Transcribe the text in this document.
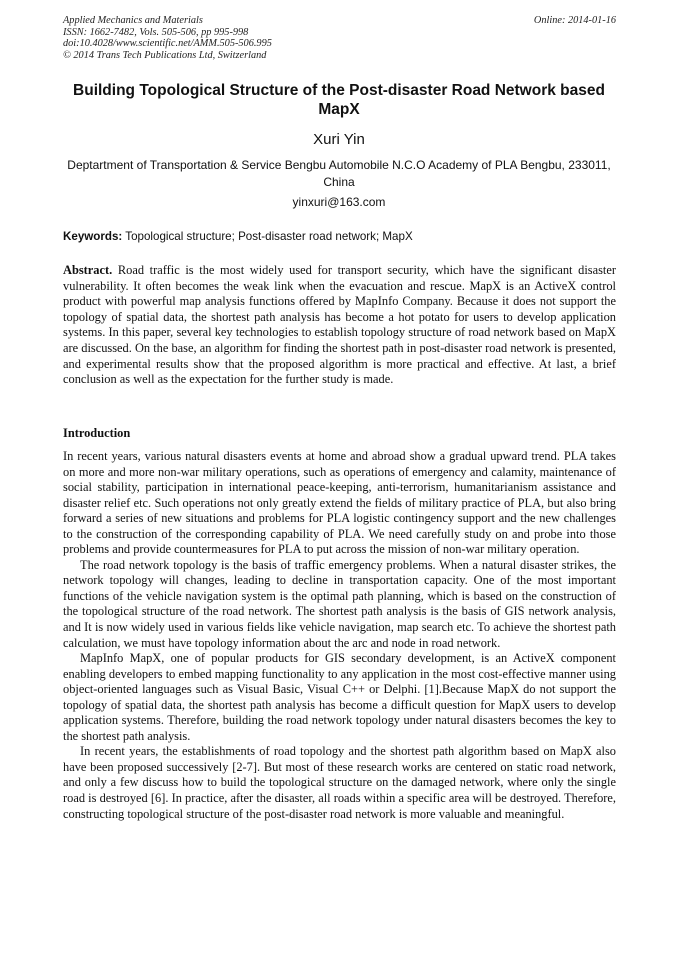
Applied Mechanics and Materials
ISSN: 1662-7482, Vols. 505-506, pp 995-998
doi:10.4028/www.scientific.net/AMM.505-506.995
© 2014 Trans Tech Publications Ltd, Switzerland
Online: 2014-01-16
Building Topological Structure of the Post-disaster Road Network based MapX
Xuri Yin
Deptartment of Transportation & Service Bengbu Automobile N.C.O Academy of PLA Bengbu, 233011, China
yinxuri@163.com
Keywords: Topological structure; Post-disaster road network; MapX
Abstract. Road traffic is the most widely used for transport security, which have the significant disaster vulnerability. It often becomes the weak link when the evacuation and rescue. MapX is an ActiveX control product with powerful map analysis functions offered by MapInfo Company. Because it does not support the topology of spatial data, the shortest path analysis has become a hot potato for users to develop application systems. In this paper, several key technologies to establish topology structure of road network based on MapX are discussed. On the base, an algorithm for finding the shortest path in post-disaster road network is presented, and experimental results show that the proposed algorithm is more practical and effective. At last, a brief conclusion as well as the expectation for the further study is made.
Introduction

In recent years, various natural disasters events at home and abroad show a gradual upward trend. PLA takes on more and more non-war military operations, such as operations of emergency and calamity, maintenance of social stability, participation in international peace-keeping, anti-terrorism, humanitarianism assistance and disaster relief etc. Such operations not only greatly extend the fields of military practice of PLA, but also bring forward a series of new situations and problems for PLA logistic contingency support and the new challenges to the construction of the corresponding capability of PLA. We need carefully study on and probe into those problems and provide countermeasures for PLA to put across the mission of non-war military operation.

The road network topology is the basis of traffic emergency problems. When a natural disaster strikes, the network topology will changes, leading to decline in transportation capacity. One of the most important functions of the vehicle navigation system is the optimal path planning, which is based on the construction of the topological structure of the road network. The shortest path analysis is the basis of GIS network analysis, and It is now widely used in various fields like vehicle navigation, map search etc. To achieve the shortest path calculation, we must have topology information about the arc and node in road network.

MapInfo MapX, one of popular products for GIS secondary development, is an ActiveX component enabling developers to embed mapping functionality to any application in the most cost-effective manner using object-oriented languages such as Visual Basic, Visual C++ or Delphi. [1].Because MapX do not support the topology of spatial data, the shortest path analysis has become a difficult question for MapX users to develop application systems. Therefore, building the road network topology under natural disasters becomes the key to the shortest path analysis.

In recent years, the establishments of road topology and the shortest path algorithm based on MapX also have been proposed successively [2-7]. But most of these research works are centered on static road network, and only a few discuss how to build the topological structure on the damaged network, where only the single road is destroyed [6]. In practice, after the disaster, all roads within a specific area will be destroyed. Therefore, constructing topological structure of the post-disaster road network is more valuable and meaningful.
